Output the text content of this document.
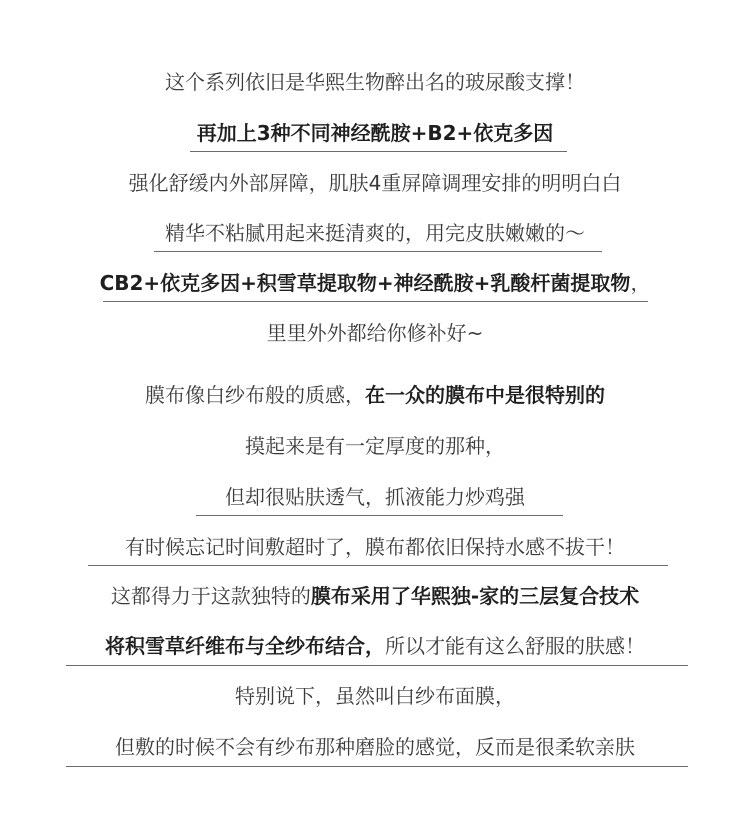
这个系列依旧是华熙生物醉出名的玻尿酸支撑！
再加上3种不同神经酰胺+B2+依克多因
强化舒缓内外部屏障，肌肤4重屏障调理安排的明明白白
精华不粘腻用起来挺清爽的，用完皮肤嫩嫩的～
CB2+依克多因+积雪草提取物+神经酰胺+乳酸杆菌提取物，
里里外外都给你修补好~
膜布像白纱布般的质感，在一众的膜布中是很特别的
摸起来是有一定厚度的那种，
但却很贴肤透气，抓液能力炒鸡强
有时候忘记时间敷超时了，膜布都依旧保持水感不拔干！
这都得力于这款独特的膜布采用了华熙独-家的三层复合技术
将积雪草纤维布与全纱布结合，所以才能有这么舒服的肤感！
特别说下，虽然叫白纱布面膜，
但敷的时候不会有纱布那种磨脸的感觉，反而是很柔软亲肤
